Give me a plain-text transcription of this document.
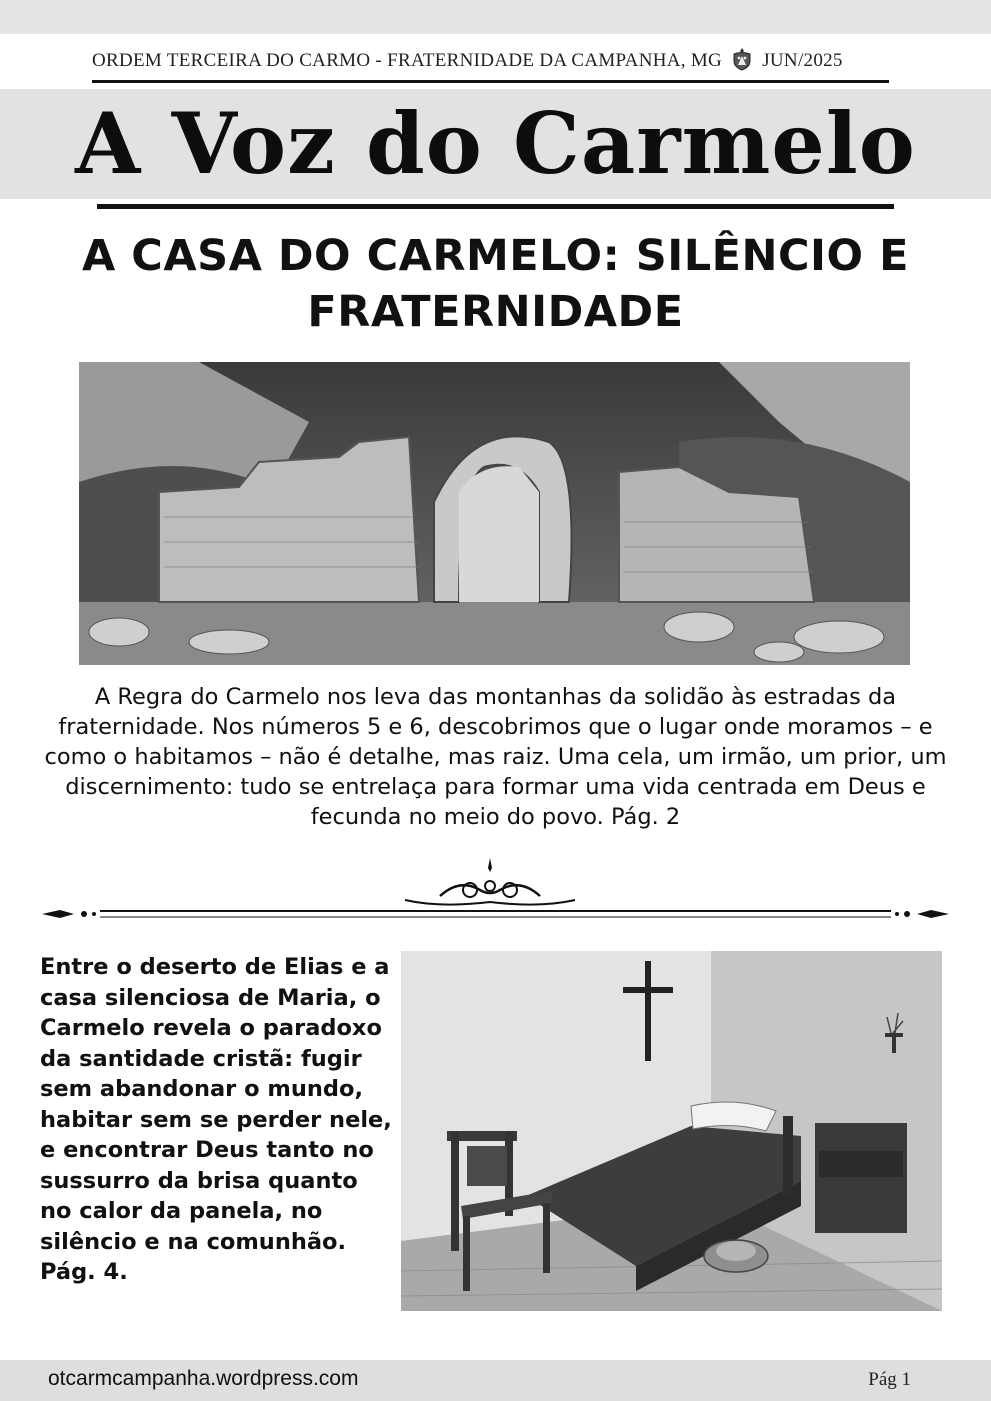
ORDEM TERCEIRA DO CARMO - FRATERNIDADE DA CAMPANHA, MG JUN/2025
A Voz do Carmelo
A CASA DO CARMELO: SILÊNCIO E FRATERNIDADE

A Regra do Carmelo nos leva das montanhas da solidão às estradas da fraternidade. Nos números 5 e 6, descobrimos que o lugar onde moramos – e como o habitamos – não é detalhe, mas raiz. Uma cela, um irmão, um prior, um discernimento: tudo se entrelaça para formar uma vida centrada em Deus e fecunda no meio do povo. Pág. 2

Entre o deserto de Elias e a casa silenciosa de Maria, o Carmelo revela o paradoxo da santidade cristã: fugir sem abandonar o mundo, habitar sem se perder nele, e encontrar Deus tanto no sussurro da brisa quanto no calor da panela, no silêncio e na comunhão. Pág. 4.

otcarmcampanha.wordpress.com	Pág 1
